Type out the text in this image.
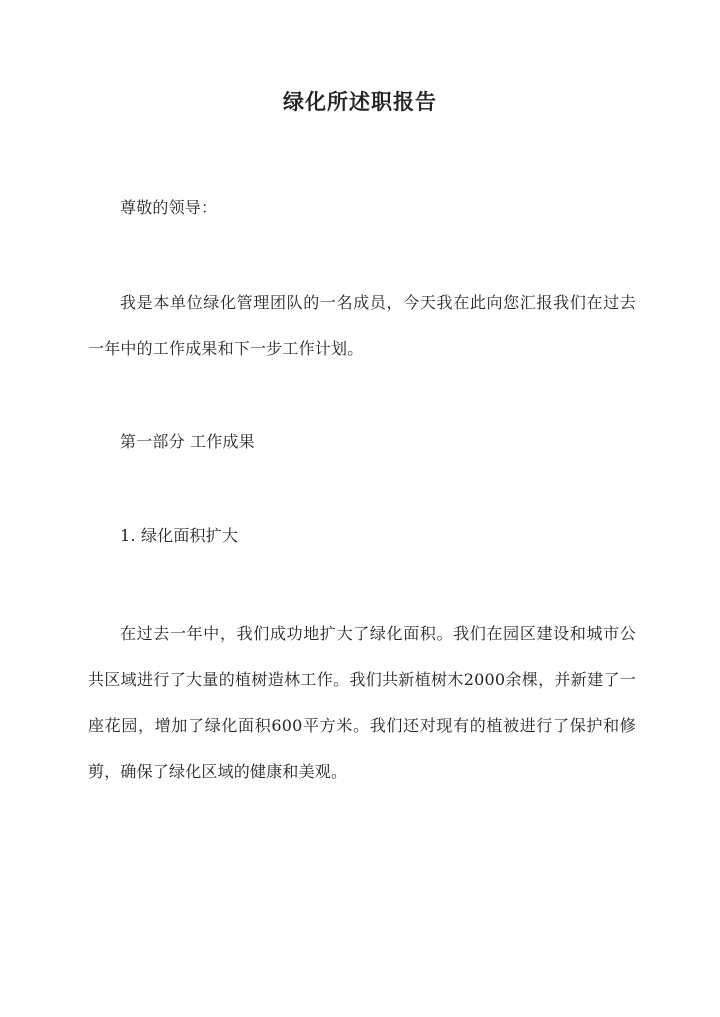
绿化所述职报告

尊敬的领导：

我是本单位绿化管理团队的一名成员，今天我在此向您汇报我们在过去一年中的工作成果和下一步工作计划。

第一部分 工作成果

1. 绿化面积扩大

在过去一年中，我们成功地扩大了绿化面积。我们在园区建设和城市公共区域进行了大量的植树造林工作。我们共新植树木2000余棵，并新建了一座花园，增加了绿化面积600平方米。我们还对现有的植被进行了保护和修剪，确保了绿化区域的健康和美观。
